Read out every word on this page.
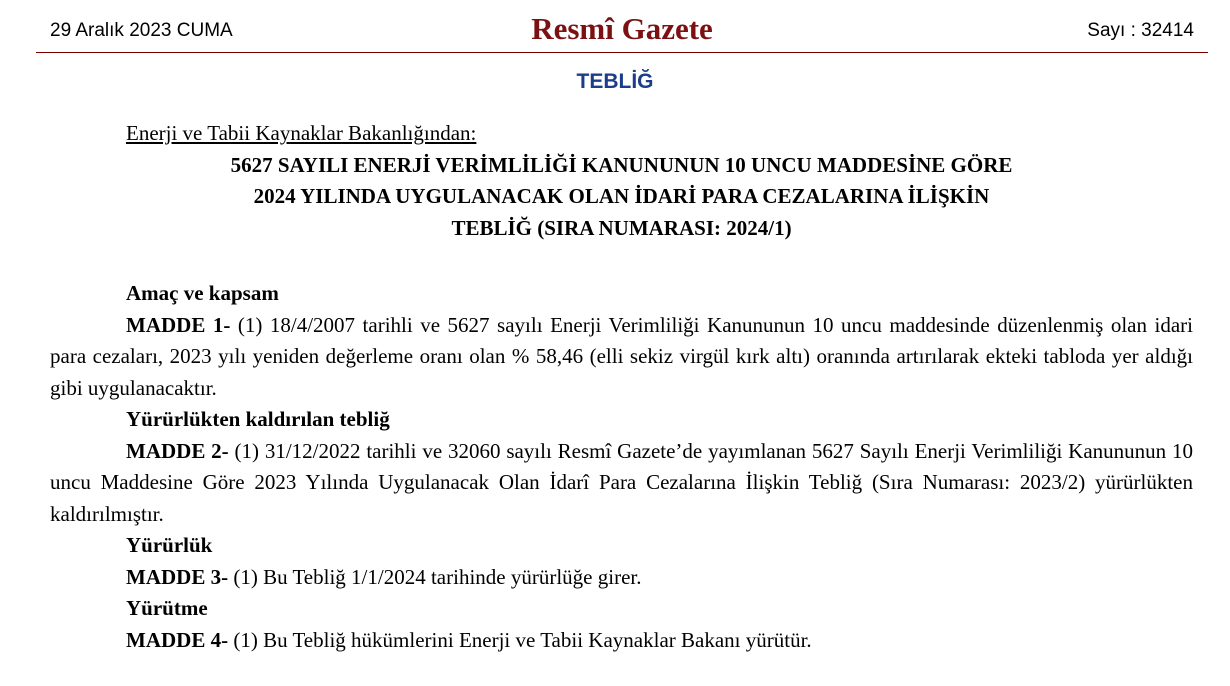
29 Aralık 2023 CUMA	Resmî Gazete	Sayı : 32414
TEBLİĞ

Enerji ve Tabii Kaynaklar Bakanlığından:

5627 SAYILI ENERJİ VERİMLİLİĞİ KANUNUNUN 10 UNCU MADDESİNE GÖRE
2024 YILINDA UYGULANACAK OLAN İDARİ PARA CEZALARINA İLİŞKİN
TEBLİĞ (SIRA NUMARASI: 2024/1)

Amaç ve kapsam

MADDE 1- (1) 18/4/2007 tarihli ve 5627 sayılı Enerji Verimliliği Kanununun 10 uncu maddesinde düzenlenmiş olan idari para cezaları, 2023 yılı yeniden değerleme oranı olan % 58,46 (elli sekiz virgül kırk altı) oranında artırılarak ekteki tabloda yer aldığı gibi uygulanacaktır.

Yürürlükten kaldırılan tebliğ

MADDE 2- (1) 31/12/2022 tarihli ve 32060 sayılı Resmî Gazete’de yayımlanan 5627 Sayılı Enerji Verimliliği Kanununun 10 uncu Maddesine Göre 2023 Yılında Uygulanacak Olan İdarî Para Cezalarına İlişkin Tebliğ (Sıra Numarası: 2023/2) yürürlükten kaldırılmıştır.

Yürürlük

MADDE 3- (1) Bu Tebliğ 1/1/2024 tarihinde yürürlüğe girer.

Yürütme

MADDE 4- (1) Bu Tebliğ hükümlerini Enerji ve Tabii Kaynaklar Bakanı yürütür.
